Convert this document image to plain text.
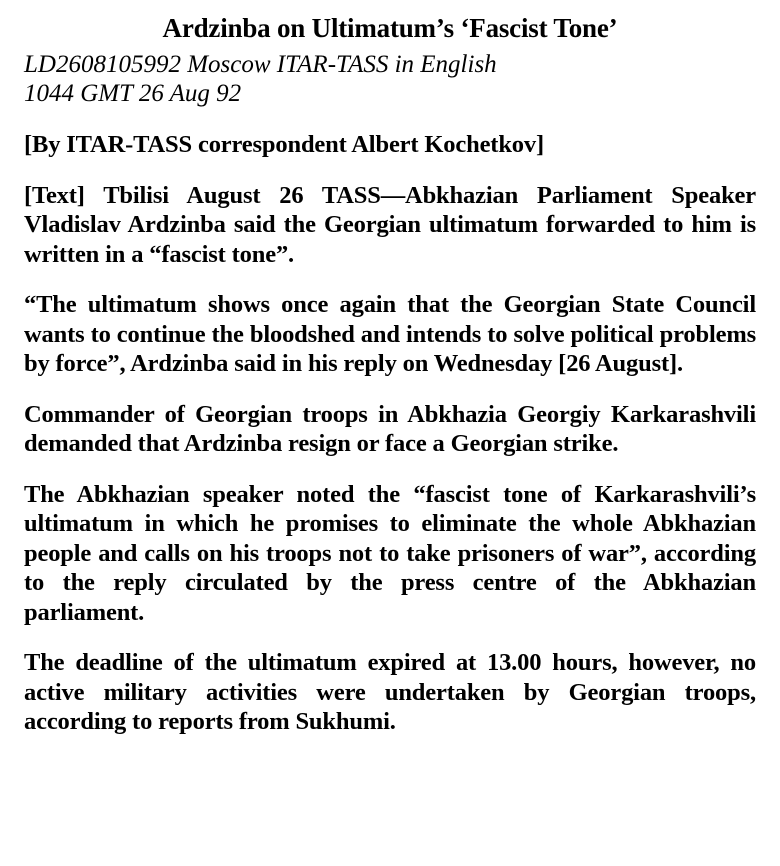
Ardzinba on Ultimatum’s ‘Fascist Tone’
LD2608105992 Moscow ITAR-TASS in English
1044 GMT 26 Aug 92

[By ITAR-TASS correspondent Albert Kochetkov]

[Text] Tbilisi August 26 TASS—Abkhazian Parliament Speaker Vladislav Ardzinba said the Georgian ultimatum forwarded to him is written in a “fascist tone”.

“The ultimatum shows once again that the Georgian State Council wants to continue the bloodshed and intends to solve political problems by force”, Ardzinba said in his reply on Wednesday [26 August].

Commander of Georgian troops in Abkhazia Georgiy Karkarashvili demanded that Ardzinba resign or face a Georgian strike.

The Abkhazian speaker noted the “fascist tone of Karkarashvili’s ultimatum in which he promises to eliminate the whole Abkhazian people and calls on his troops not to take prisoners of war”, according to the reply circulated by the press centre of the Abkhazian parliament.

The deadline of the ultimatum expired at 13.00 hours, however, no active military activities were undertaken by Georgian troops, according to reports from Sukhumi.
